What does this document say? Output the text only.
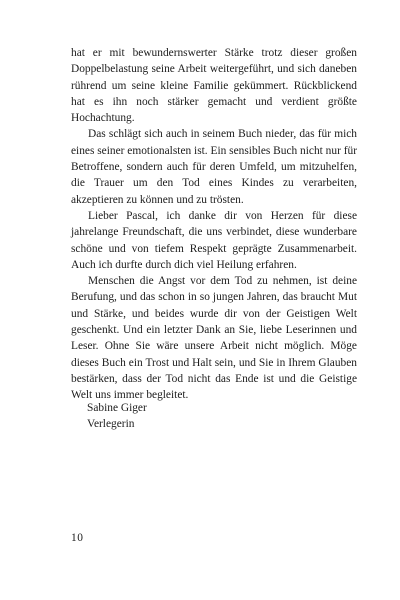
hat er mit bewundernswerter Stärke trotz dieser großen Doppelbelastung seine Arbeit weitergeführt, und sich daneben rührend um seine kleine Familie gekümmert. Rückblickend hat es ihn noch stärker gemacht und verdient größte Hochachtung.

Das schlägt sich auch in seinem Buch nieder, das für mich eines seiner emotionalsten ist. Ein sensibles Buch nicht nur für Betroffene, sondern auch für deren Umfeld, um mitzuhelfen, die Trauer um den Tod eines Kindes zu verarbeiten, akzeptieren zu können und zu trösten.

Lieber Pascal, ich danke dir von Herzen für diese jahrelange Freundschaft, die uns verbindet, diese wunderbare schöne und von tiefem Respekt geprägte Zusammenarbeit. Auch ich durfte durch dich viel Heilung erfahren.

Menschen die Angst vor dem Tod zu nehmen, ist deine Berufung, und das schon in so jungen Jahren, das braucht Mut und Stärke, und beides wurde dir von der Geistigen Welt geschenkt. Und ein letzter Dank an Sie, liebe Leserinnen und Leser. Ohne Sie wäre unsere Arbeit nicht möglich. Möge dieses Buch ein Trost und Halt sein, und Sie in Ihrem Glauben bestärken, dass der Tod nicht das Ende ist und die Geistige Welt uns immer begleitet.

Sabine Giger
Verlegerin
10
